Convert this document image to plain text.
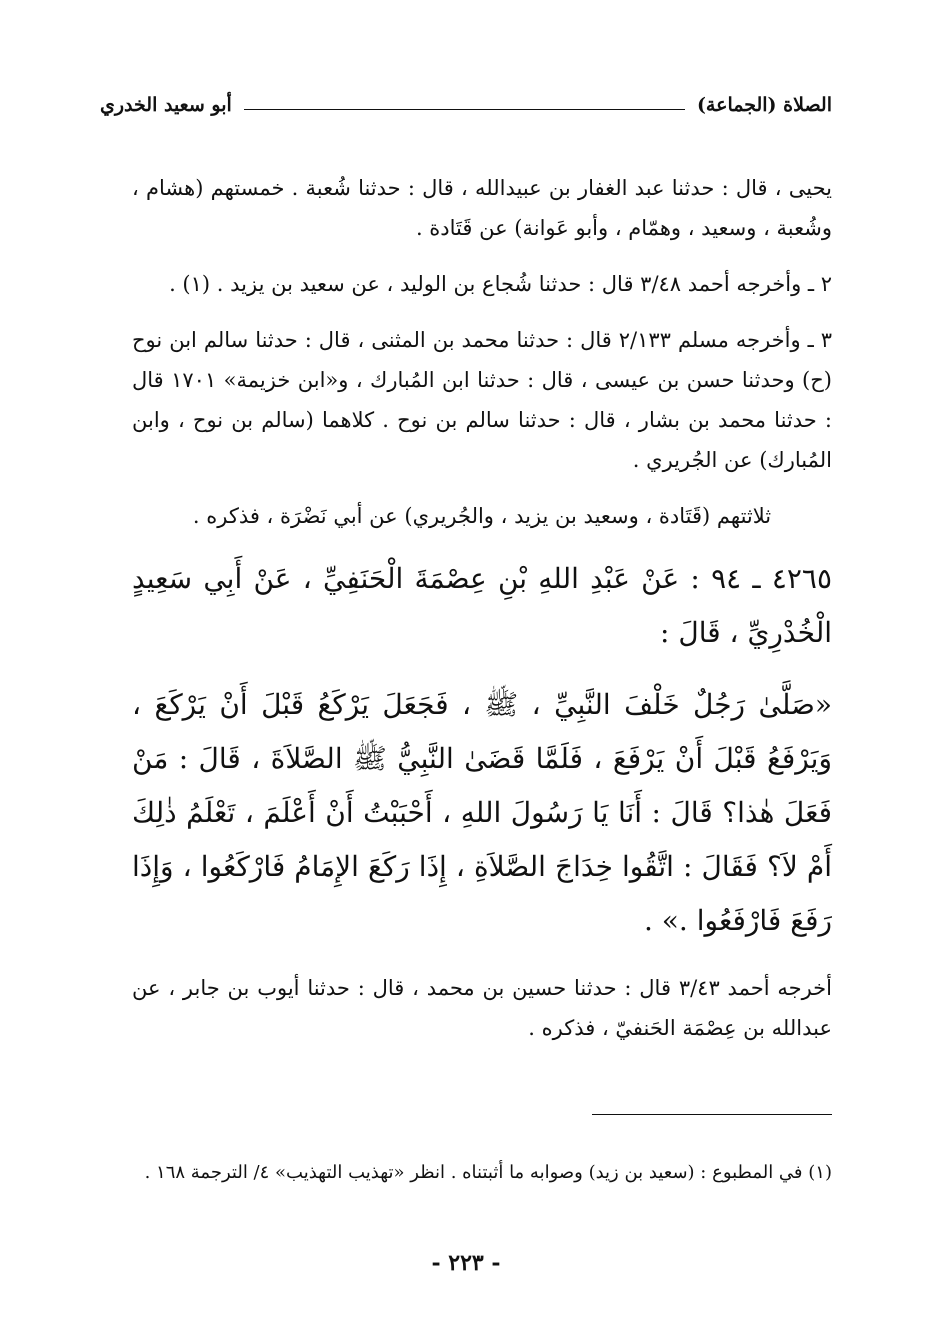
الصلاة (الجماعة)
أبو سعيد الخدري

يحيى ، قال : حدثنا عبد الغفار بن عبيدالله ، قال : حدثنا شُعبة . خمستهم (هشام ، وشُعبة ، وسعيد ، وهمّام ، وأبو عَوانة) عن قَتَادة .

٢ ـ وأخرجه أحمد ٣/٤٨ قال : حدثنا شُجاع بن الوليد ، عن سعيد بن يزيد . (١) .

٣ ـ وأخرجه مسلم ٢/١٣٣ قال : حدثنا محمد بن المثنى ، قال : حدثنا سالم ابن نوح (ح) وحدثنا حسن بن عيسى ، قال : حدثنا ابن المُبارك ، و«ابن خزيمة» ١٧٠١ قال : حدثنا محمد بن بشار ، قال : حدثنا سالم بن نوح . كلاهما (سالم بن نوح ، وابن المُبارك) عن الجُريري .

ثلاثتهم (قَتَادة ، وسعيد بن يزيد ، والجُريري) عن أبي نَضْرَة ، فذكره .

٤٢٦٥ ـ ٩٤ : عَنْ عَبْدِ اللهِ بْنِ عِصْمَةَ الْحَنَفِيِّ ، عَنْ أَبِي سَعِيدٍ الْخُدْرِيِّ ، قَالَ :

«صَلَّىٰ رَجُلٌ خَلْفَ النَّبِيِّ ، ﷺ ، فَجَعَلَ يَرْكَعُ قَبْلَ أَنْ يَرْكَعَ ، وَيَرْفَعُ قَبْلَ أَنْ يَرْفَعَ ، فَلَمَّا قَضَىٰ النَّبِيُّ ﷺ الصَّلاَةَ ، قَالَ : مَنْ فَعَلَ هٰذا؟ قَالَ : أَنَا يَا رَسُولَ اللهِ ، أَحْبَبْتُ أَنْ أَعْلَمَ ، تَعْلَمُ ذٰلِكَ أَمْ لاَ؟ فَقَالَ : اتَّقُوا خِدَاجَ الصَّلاَةِ ، إِذَا رَكَعَ الإِمَامُ فَارْكَعُوا ، وَإِذَا رَفَعَ فَارْفَعُوا .» .

أخرجه أحمد ٣/٤٣ قال : حدثنا حسين بن محمد ، قال : حدثنا أيوب بن جابر ، عن عبدالله بن عِصْمَة الحَنفيّ ، فذكره .

(١) في المطبوع : (سعيد بن زيد) وصوابه ما أثبتناه . انظر «تهذيب التهذيب» ٤/ الترجمة ١٦٨ .

- ٢٢٣ -
